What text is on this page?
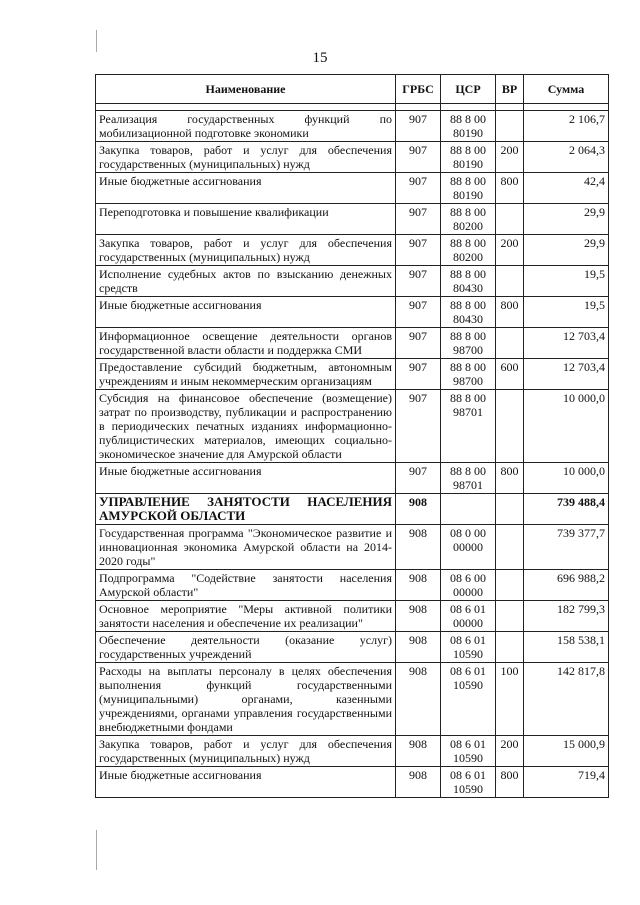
15
Наименование	ГРБС	ЦСР	ВР	Сумма

Реализация государственных функций по мобилизационной подготовке экономики	907	88 8 00 80190		2 106,7
Закупка товаров, работ и услуг для обеспечения государственных (муниципальных) нужд	907	88 8 00 80190	200	2 064,3
Иные бюджетные ассигнования	907	88 8 00 80190	800	42,4
Переподготовка и повышение квалификации	907	88 8 00 80200		29,9
Закупка товаров, работ и услуг для обеспечения государственных (муниципальных) нужд	907	88 8 00 80200	200	29,9
Исполнение судебных актов по взысканию денежных средств	907	88 8 00 80430		19,5
Иные бюджетные ассигнования	907	88 8 00 80430	800	19,5
Информационное освещение деятельности органов государственной власти области и поддержка СМИ	907	88 8 00 98700		12 703,4
Предоставление субсидий бюджетным, автономным учреждениям и иным некоммерческим организациям	907	88 8 00 98700	600	12 703,4
Субсидия на финансовое обеспечение (возмещение) затрат по производству, публикации и распространению в периодических печатных изданиях информационно-публицистических материалов, имеющих социально-экономическое значение для Амурской области	907	88 8 00 98701		10 000,0
Иные бюджетные ассигнования	907	88 8 00 98701	800	10 000,0
УПРАВЛЕНИЕ ЗАНЯТОСТИ НАСЕЛЕНИЯ АМУРСКОЙ ОБЛАСТИ	908			739 488,4
Государственная программа "Экономическое развитие и инновационная экономика Амурской области на 2014-2020 годы"	908	08 0 00 00000		739 377,7
Подпрограмма "Содействие занятости населения Амурской области"	908	08 6 00 00000		696 988,2
Основное мероприятие "Меры активной политики занятости населения и обеспечение их реализации"	908	08 6 01 00000		182 799,3
Обеспечение деятельности (оказание услуг) государственных учреждений	908	08 6 01 10590		158 538,1
Расходы на выплаты персоналу в целях обеспечения выполнения функций государственными (муниципальными) органами, казенными учреждениями, органами управления государственными внебюджетными фондами	908	08 6 01 10590	100	142 817,8
Закупка товаров, работ и услуг для обеспечения государственных (муниципальных) нужд	908	08 6 01 10590	200	15 000,9
Иные бюджетные ассигнования	908	08 6 01 10590	800	719,4
